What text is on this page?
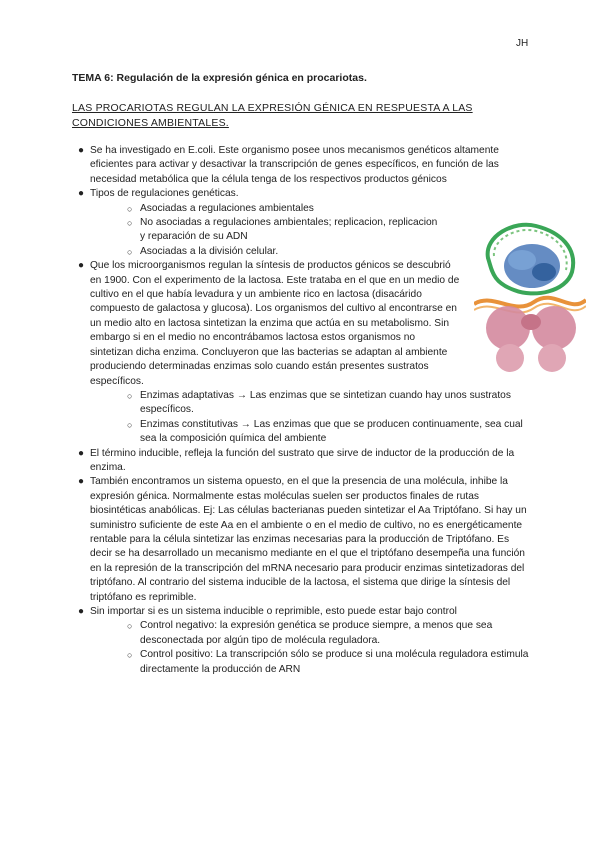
JH
TEMA 6: Regulación de la expresión génica en procariotas.
LAS PROCARIOTAS REGULAN LA EXPRESIÓN GÉNICA EN RESPUESTA A LAS CONDICIONES AMBIENTALES.
● Se ha investigado en E.coli. Este organismo posee unos mecanismos genéticos altamente eficientes para activar y desactivar la transcripción de genes específicos, en función de las necesidad metabólica que la célula tenga de los respectivos productos génicos
● Tipos de regulaciones genéticas.
○ Asociadas a regulaciones ambientales
○ No asociadas a regulaciones ambientales; replicacion, replicacion y reparación de su ADN
○ Asociadas a la división celular.
● Que los microorganismos regulan la síntesis de productos génicos se descubrió en 1900. Con el experimento de la lactosa. Este trataba en el que en un medio de cultivo en el que había levadura y un ambiente rico en lactosa (disacárido compuesto de galactosa y glucosa). Los organismos del cultivo al encontrarse en un medio alto en lactosa sintetizan la enzima que actúa en su metabolismo. Sin embargo si en el medio no encontrábamos lactosa estos organismos no sintetizan dicha enzima. Concluyeron que las bacterias se adaptan al ambiente produciendo determinadas enzimas solo cuando están presentes sustratos específicos.
○ Enzimas adaptativas → Las enzimas que se sintetizan cuando hay unos sustratos específicos.
○ Enzimas constitutivas → Las enzimas que que se producen continuamente, sea cual sea la composición química del ambiente
● El término inducible, refleja la función del sustrato que sirve de inductor de la producción de la enzima.
● También encontramos un sistema opuesto, en el que la presencia de una molécula, inhibe la expresión génica. Normalmente estas moléculas suelen ser productos finales de rutas biosintéticas anabólicas. Ej: Las células bacterianas pueden sintetizar el Aa Triptófano. Si hay un suministro suficiente de este Aa en el ambiente o en el medio de cultivo, no es energéticamente rentable para la célula sintetizar las enzimas necesarias para la producción de Triptófano. Es decir se ha desarrollado un mecanismo mediante en el que el triptófano desempeña una función en la represión de la transcripción del mRNA necesario para producir enzimas sintetizadoras del triptófano. Al contrario del sistema inducible de la lactosa, el sistema que dirige la síntesis del triptófano es reprimible.
● Sin importar si es un sistema inducible o reprimible, esto puede estar bajo control
○ Control negativo: la expresión genética se produce siempre, a menos que sea desconectada por algún tipo de molécula reguladora.
○ Control positivo: La transcripción sólo se produce si una molécula reguladora estimula directamente la producción de ARN
